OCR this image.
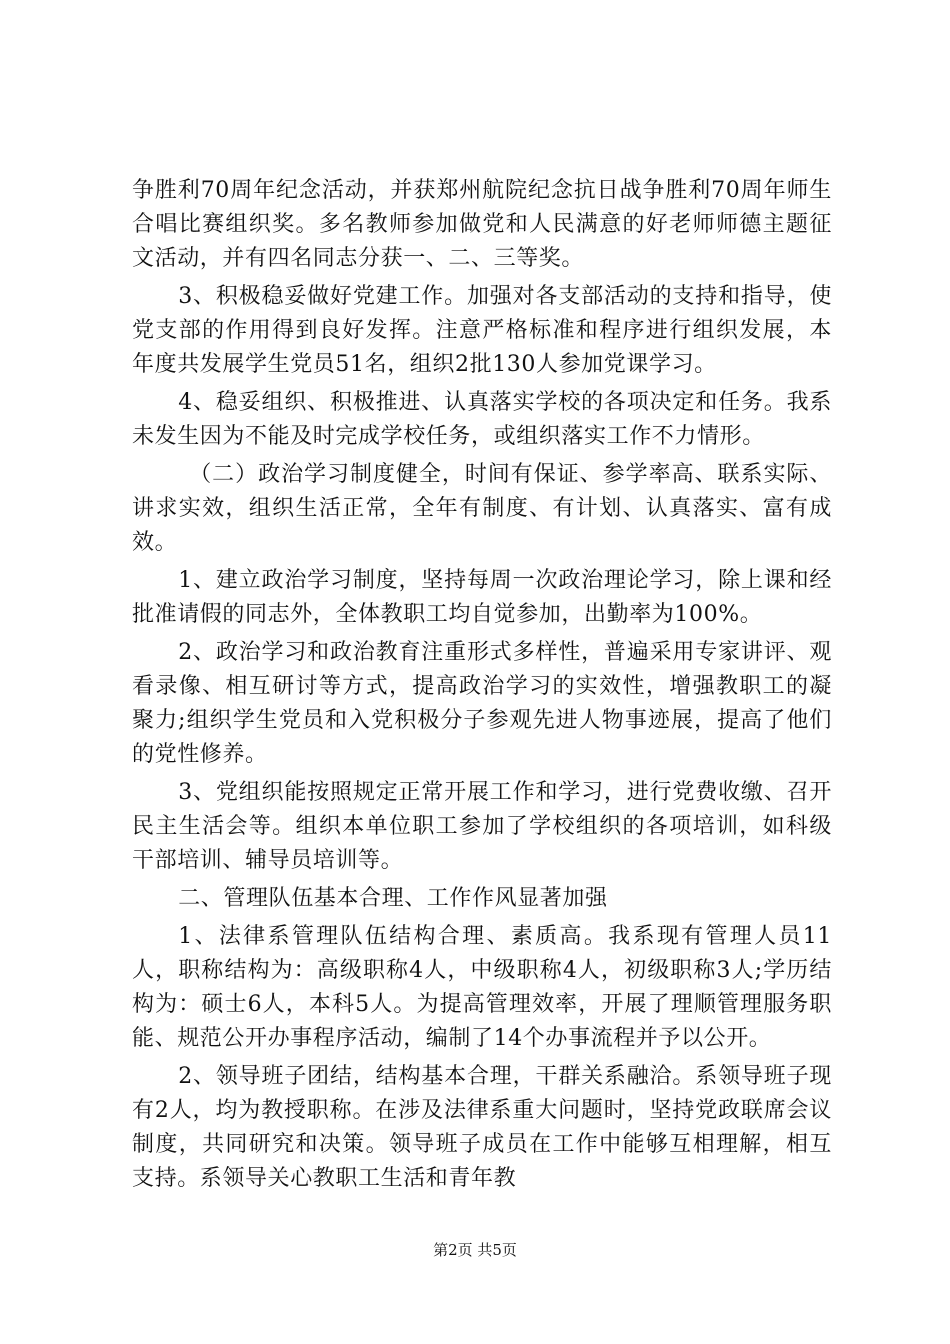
争胜利70周年纪念活动，并获郑州航院纪念抗日战争胜利70周年师生合唱比赛组织奖。多名教师参加做党和人民满意的好老师师德主题征文活动，并有四名同志分获一、二、三等奖。

3、积极稳妥做好党建工作。加强对各支部活动的支持和指导，使党支部的作用得到良好发挥。注意严格标准和程序进行组织发展，本年度共发展学生党员51名，组织2批130人参加党课学习。

4、稳妥组织、积极推进、认真落实学校的各项决定和任务。我系未发生因为不能及时完成学校任务，或组织落实工作不力情形。

（二）政治学习制度健全，时间有保证、参学率高、联系实际、讲求实效，组织生活正常，全年有制度、有计划、认真落实、富有成效。

1、建立政治学习制度，坚持每周一次政治理论学习，除上课和经批准请假的同志外，全体教职工均自觉参加，出勤率为100%。

2、政治学习和政治教育注重形式多样性，普遍采用专家讲评、观看录像、相互研讨等方式，提高政治学习的实效性，增强教职工的凝聚力;组织学生党员和入党积极分子参观先进人物事迹展，提高了他们的党性修养。

3、党组织能按照规定正常开展工作和学习，进行党费收缴、召开民主生活会等。组织本单位职工参加了学校组织的各项培训，如科级干部培训、辅导员培训等。

二、管理队伍基本合理、工作作风显著加强

1、法律系管理队伍结构合理、素质高。我系现有管理人员11人，职称结构为：高级职称4人，中级职称4人，初级职称3人;学历结构为：硕士6人，本科5人。为提高管理效率，开展了理顺管理服务职能、规范公开办事程序活动，编制了14个办事流程并予以公开。

2、领导班子团结，结构基本合理，干群关系融洽。系领导班子现有2人，均为教授职称。在涉及法律系重大问题时，坚持党政联席会议制度，共同研究和决策。领导班子成员在工作中能够互相理解，相互支持。系领导关心教职工生活和青年教

第2页 共5页
